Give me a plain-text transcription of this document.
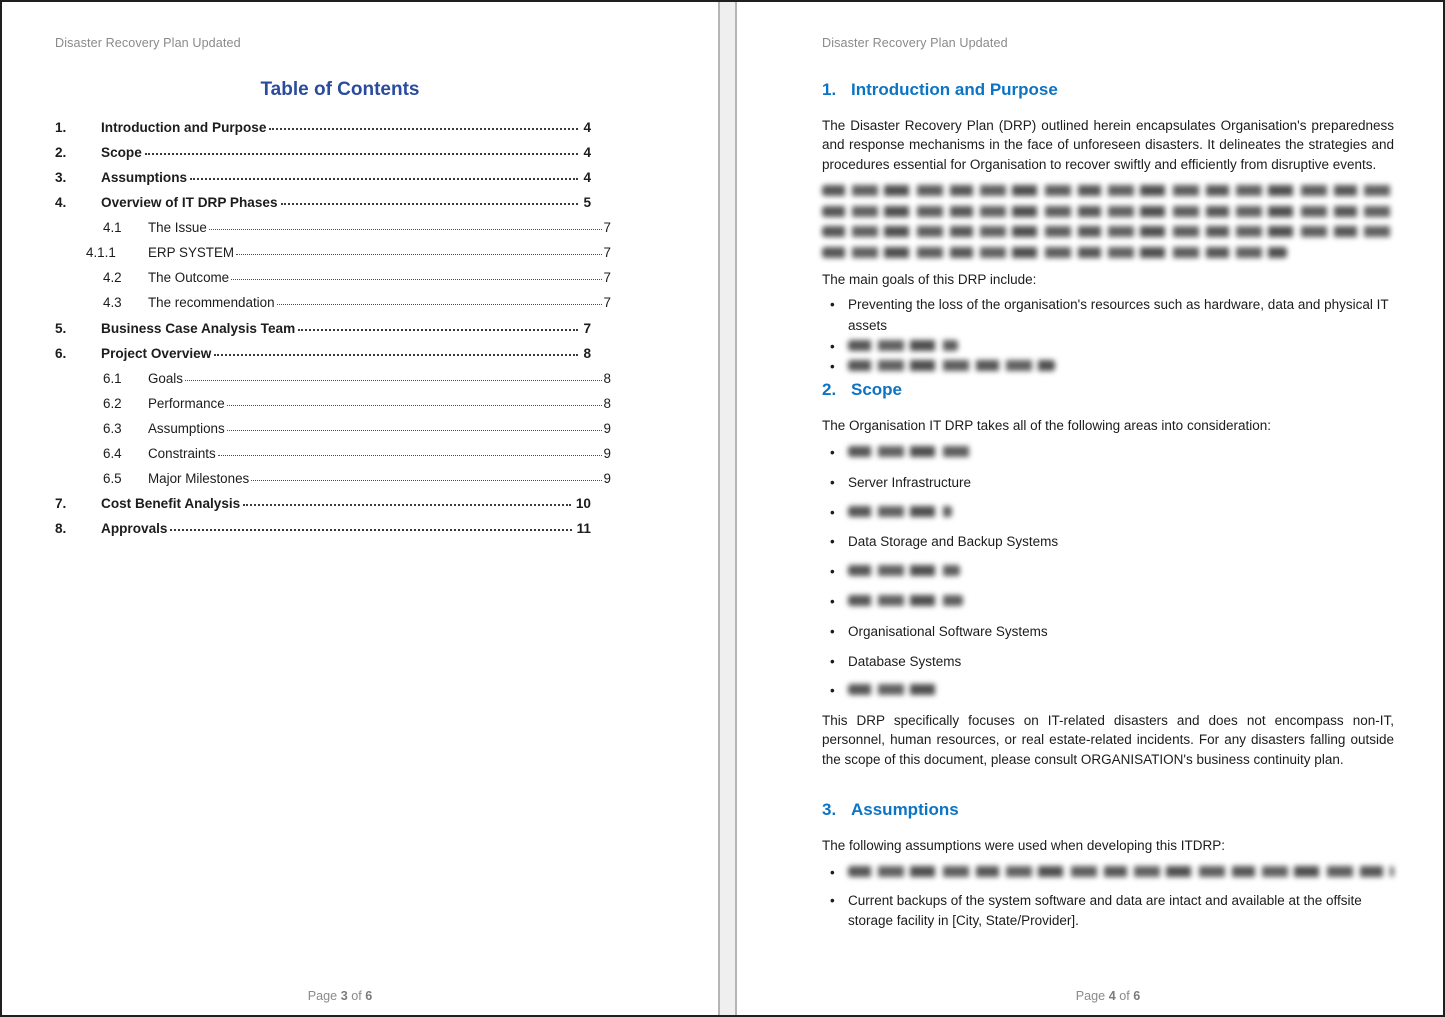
Disaster Recovery Plan Updated
Table of Contents
1.	Introduction and Purpose	4
2.	Scope	4
3.	Assumptions	4
4.	Overview of IT DRP Phases	5
4.1	The Issue	7
4.1.1	ERP SYSTEM	7
4.2	The Outcome	7
4.3	The recommendation	7
5.	Business Case Analysis Team	7
6.	Project Overview	8
6.1	Goals	8
6.2	Performance	8
6.3	Assumptions	9
6.4	Constraints	9
6.5	Major Milestones	9
7.	Cost Benefit Analysis	10
8.	Approvals	11
Page 3 of 6
Disaster Recovery Plan Updated
1. Introduction and Purpose

The Disaster Recovery Plan (DRP) outlined herein encapsulates Organisation's preparedness and response mechanisms in the face of unforeseen disasters. It delineates the strategies and procedures essential for Organisation to recover swiftly and efficiently from disruptive events.

The main goals of this DRP include:

• Preventing the loss of the organisation's resources such as hardware, data and physical IT assets
•
•
2. Scope

The Organisation IT DRP takes all of the following areas into consideration:

•
• Server Infrastructure
•
• Data Storage and Backup Systems
•
•
• Organisational Software Systems
• Database Systems
•

This DRP specifically focuses on IT-related disasters and does not encompass non-IT, personnel, human resources, or real estate-related incidents. For any disasters falling outside the scope of this document, please consult ORGANISATION's business continuity plan.

3. Assumptions

The following assumptions were used when developing this ITDRP:

•
• Current backups of the system software and data are intact and available at the offsite storage facility in [City, State/Provider].
Page 4 of 6
